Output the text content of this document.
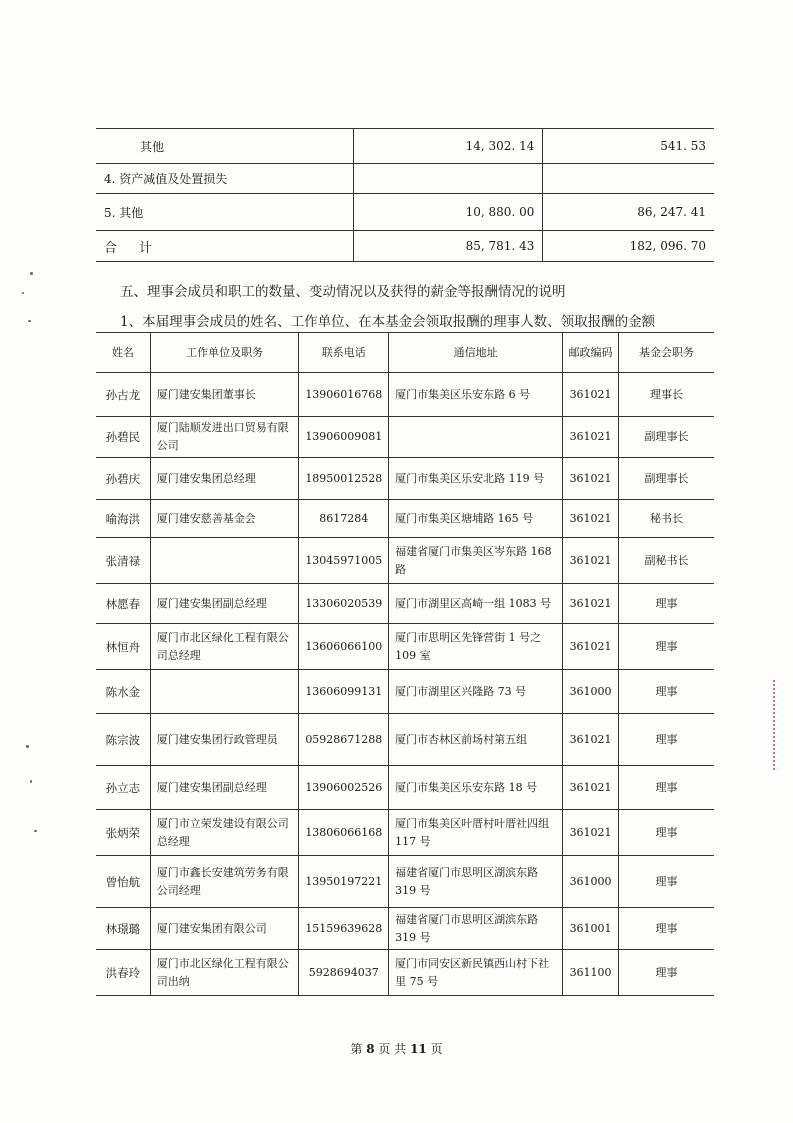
其他	14, 302. 14	541. 53
4. 资产减值及处置损失		
5. 其他	10, 880. 00	86, 247. 41
合计	85, 781. 43	182, 096. 70
五、理事会成员和职工的数量、变动情况以及获得的薪金等报酬情况的说明
1、本届理事会成员的姓名、工作单位、在本基金会领取报酬的理事人数、领取报酬的金额
姓名	工作单位及职务	联系电话	通信地址	邮政编码	基金会职务
孙古龙	厦门建安集团董事长	13906016768	厦门市集美区乐安东路 6 号	361021	理事长
孙碧民	厦门陆顺发进出口贸易有限公司	13906009081		361021	副理事长
孙碧庆	厦门建安集团总经理	18950012528	厦门市集美区乐安北路 119 号	361021	副理事长
喻海洪	厦门建安慈善基金会	8617284	厦门市集美区塘埔路 165 号	361021	秘书长
张清禄		13045971005	福建省厦门市集美区岑东路 168 路	361021	副秘书长
林愿春	厦门建安集团副总经理	13306020539	厦门市湖里区高崎一组 1083 号	361021	理事
林恒舟	厦门市北区绿化工程有限公司总经理	13606066100	厦门市思明区先锋营街 1 号之 109 室	361021	理事
陈水金		13606099131	厦门市湖里区兴隆路 73 号	361000	理事
陈宗波	厦门建安集团行政管理员	05928671288	厦门市杏林区前场村第五组	361021	理事
孙立志	厦门建安集团副总经理	13906002526	厦门市集美区乐安东路 18 号	361021	理事
张炳荣	厦门市立荣发建设有限公司总经理	13806066168	厦门市集美区叶厝村叶厝社四组 117 号	361021	理事
曾怡航	厦门市鑫长安建筑劳务有限公司经理	13950197221	福建省厦门市思明区湖滨东路 319 号	361000	理事
林璟璐	厦门建安集团有限公司	15159639628	福建省厦门市思明区湖滨东路 319 号	361001	理事
洪春玲	厦门市北区绿化工程有限公司出纳	5928694037	厦门市同安区新民镇西山村下社里 75 号	361100	理事
第 8 页 共 11 页
